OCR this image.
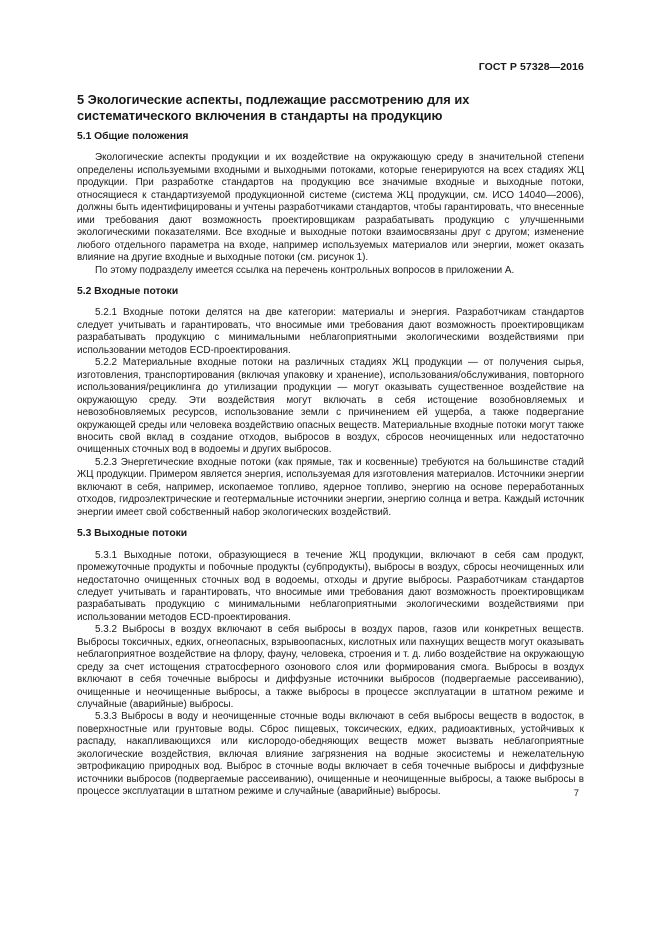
ГОСТ Р 57328—2016
5 Экологические аспекты, подлежащие рассмотрению для их
систематического включения в стандарты на продукцию
5.1 Общие положения

Экологические аспекты продукции и их воздействие на окружающую среду в значительной степени определены используемыми входными и выходными потоками, которые генерируются на всех стадиях ЖЦ продукции. При разработке стандартов на продукцию все значимые входные и выходные потоки, относящиеся к стандартизуемой продукционной системе (система ЖЦ продукции, см. ИСО 14040—2006), должны быть идентифицированы и учтены разработчиками стандартов, чтобы гарантировать, что внесенные ими требования дают возможность проектировщикам разрабатывать продукцию с улучшенными экологическими показателями. Все входные и выходные потоки взаимосвязаны друг с другом; изменение любого отдельного параметра на входе, например используемых материалов или энергии, может оказать влияние на другие входные и выходные потоки (см. рисунок 1).

По этому подразделу имеется ссылка на перечень контрольных вопросов в приложении А.

5.2 Входные потоки

5.2.1 Входные потоки делятся на две категории: материалы и энергия. Разработчикам стандартов следует учитывать и гарантировать, что вносимые ими требования дают возможность проектировщикам разрабатывать продукцию с минимальными неблагоприятными экологическими воздействиями при использовании методов ECD-проектирования.

5.2.2 Материальные входные потоки на различных стадиях ЖЦ продукции — от получения сырья, изготовления, транспортирования (включая упаковку и хранение), использования/обслуживания, повторного использования/рециклинга до утилизации продукции — могут оказывать существенное воздействие на окружающую среду. Эти воздействия могут включать в себя истощение возобновляемых и невозобновляемых ресурсов, использование земли с причинением ей ущерба, а также подвергание окружающей среды или человека воздействию опасных веществ. Материальные входные потоки могут также вносить свой вклад в создание отходов, выбросов в воздух, сбросов неочищенных или недостаточно очищенных сточных вод в водоемы и других выбросов.

5.2.3 Энергетические входные потоки (как прямые, так и косвенные) требуются на большинстве стадий ЖЦ продукции. Примером является энергия, используемая для изготовления материалов. Источники энергии включают в себя, например, ископаемое топливо, ядерное топливо, энергию на основе переработанных отходов, гидроэлектрические и геотермальные источники энергии, энергию солнца и ветра. Каждый источник энергии имеет свой собственный набор экологических воздействий.

5.3 Выходные потоки

5.3.1 Выходные потоки, образующиеся в течение ЖЦ продукции, включают в себя сам продукт, промежуточные продукты и побочные продукты (субпродукты), выбросы в воздух, сбросы неочищенных или недостаточно очищенных сточных вод в водоемы, отходы и другие выбросы. Разработчикам стандартов следует учитывать и гарантировать, что вносимые ими требования дают возможность проектировщикам разрабатывать продукцию с минимальными неблагоприятными экологическими воздействиями при использовании методов ECD-проектирования.

5.3.2 Выбросы в воздух включают в себя выбросы в воздух паров, газов или конкретных веществ. Выбросы токсичных, едких, огнеопасных, взрывоопасных, кислотных или пахнущих веществ могут оказывать неблагоприятное воздействие на флору, фауну, человека, строения и т. д. либо воздействие на окружающую среду за счет истощения стратосферного озонового слоя или формирования смога. Выбросы в воздух включают в себя точечные выбросы и диффузные источники выбросов (подвергаемые рассеиванию), очищенные и неочищенные выбросы, а также выбросы в процессе эксплуатации в штатном режиме и случайные (аварийные) выбросы.

5.3.3 Выбросы в воду и неочищенные сточные воды включают в себя выбросы веществ в водосток, в поверхностные или грунтовые воды. Сброс пищевых, токсических, едких, радиоактивных, устойчивых к распаду, накапливающихся или кислородо-обедняющих веществ может вызвать неблагоприятные экологические воздействия, включая влияние загрязнения на водные экосистемы и нежелательную эвтрофикацию природных вод. Выброс в сточные воды включает в себя точечные выбросы и диффузные источники выбросов (подвергаемые рассеиванию), очищенные и неочищенные выбросы, а также выбросы в процессе эксплуатации в штатном режиме и случайные (аварийные) выбросы.	7
